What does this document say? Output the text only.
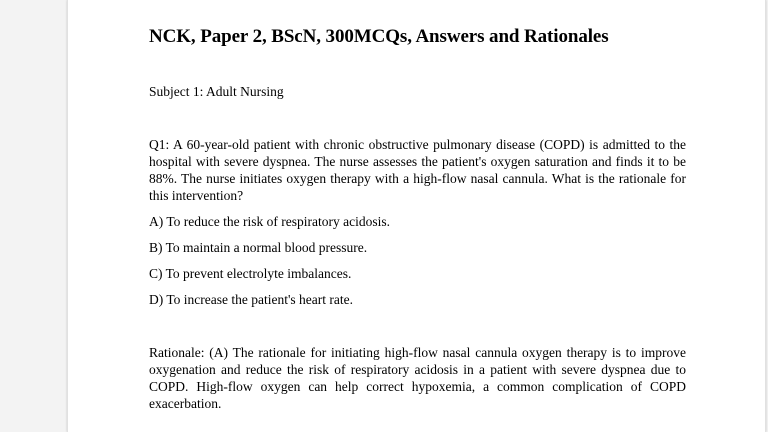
NCK, Paper 2, BScN, 300MCQs, Answers and Rationales

Subject 1: Adult Nursing

Q1: A 60-year-old patient with chronic obstructive pulmonary disease (COPD) is admitted to the hospital with severe dyspnea. The nurse assesses the patient's oxygen saturation and finds it to be 88%. The nurse initiates oxygen therapy with a high-flow nasal cannula. What is the rationale for this intervention?

A) To reduce the risk of respiratory acidosis.
B) To maintain a normal blood pressure.
C) To prevent electrolyte imbalances.
D) To increase the patient's heart rate.

Rationale: (A) The rationale for initiating high-flow nasal cannula oxygen therapy is to improve oxygenation and reduce the risk of respiratory acidosis in a patient with severe dyspnea due to COPD. High-flow oxygen can help correct hypoxemia, a common complication of COPD exacerbation.
